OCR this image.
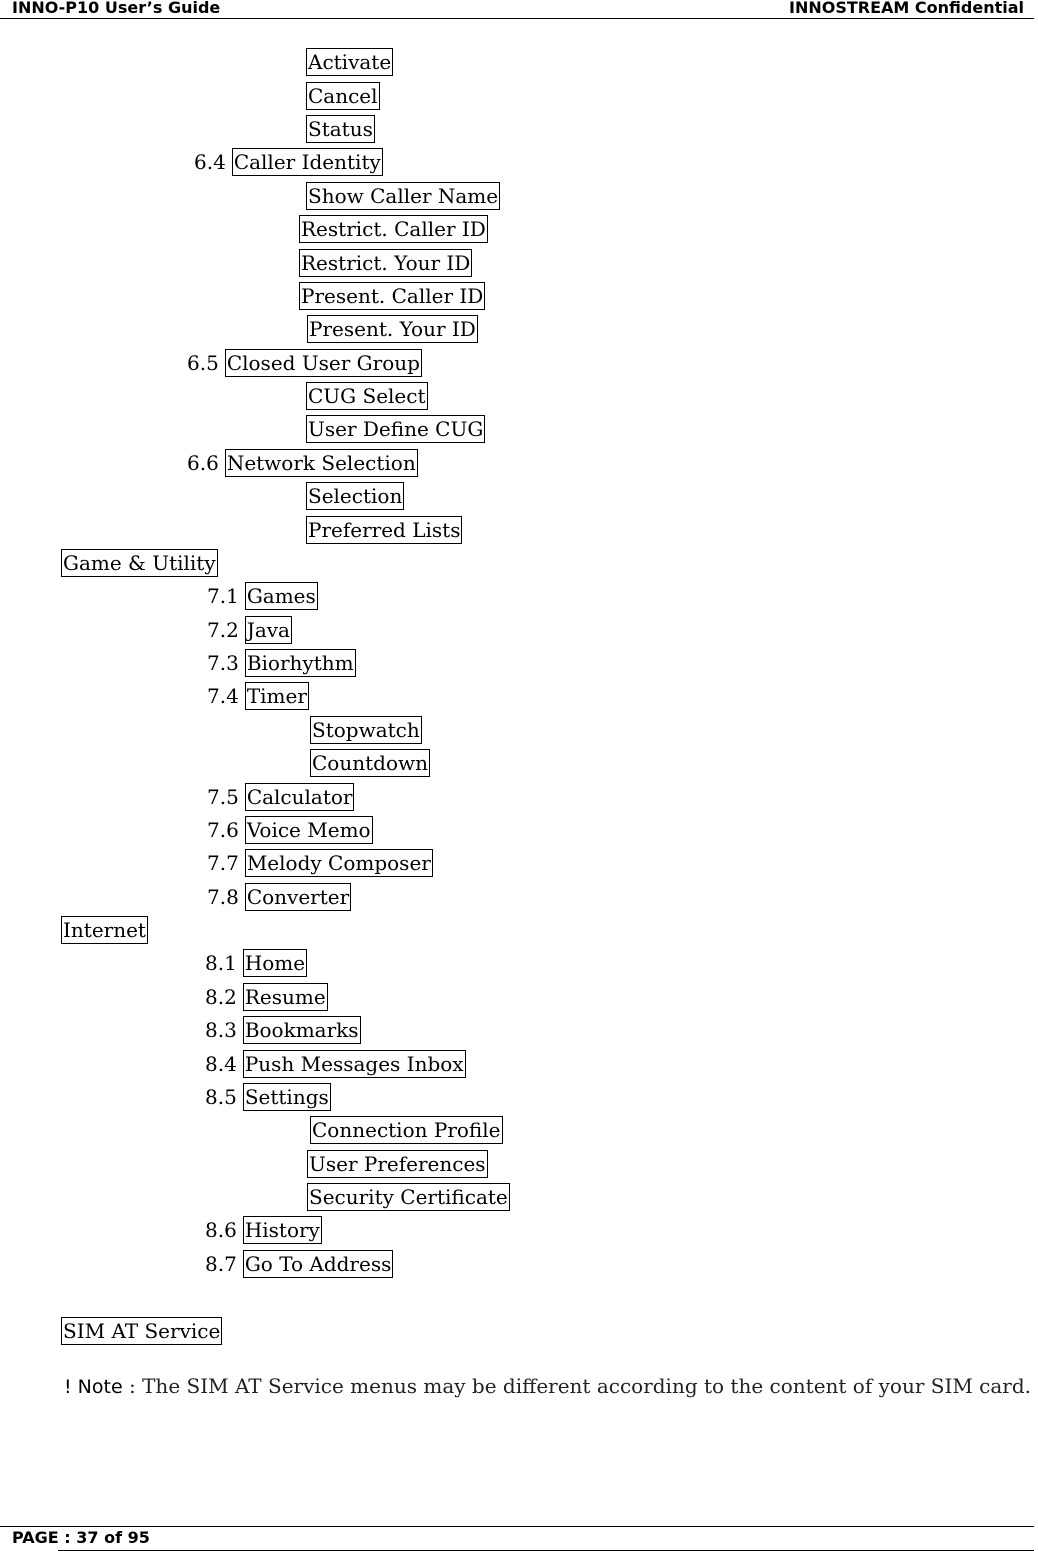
INNO-P10 User’s Guide	INNOSTREAM Confidential
Activate
Cancel
Status
6.4 Caller Identity
Show Caller Name
Restrict. Caller ID
Restrict. Your ID
Present. Caller ID
Present. Your ID
6.5 Closed User Group
CUG Select
User Define CUG
6.6 Network Selection
Selection
Preferred Lists
Game & Utility
7.1 Games
7.2 Java
7.3 Biorhythm
7.4 Timer
Stopwatch
Countdown
7.5 Calculator
7.6 Voice Memo
7.7 Melody Composer
7.8 Converter
Internet
8.1 Home
8.2 Resume
8.3 Bookmarks
8.4 Push Messages Inbox
8.5 Settings
Connection Profile
User Preferences
Security Certificate
8.6 History
8.7 Go To Address
SIM AT Service
! Note : The SIM AT Service menus may be different according to the content of your SIM card.
PAGE : 37 of 95
